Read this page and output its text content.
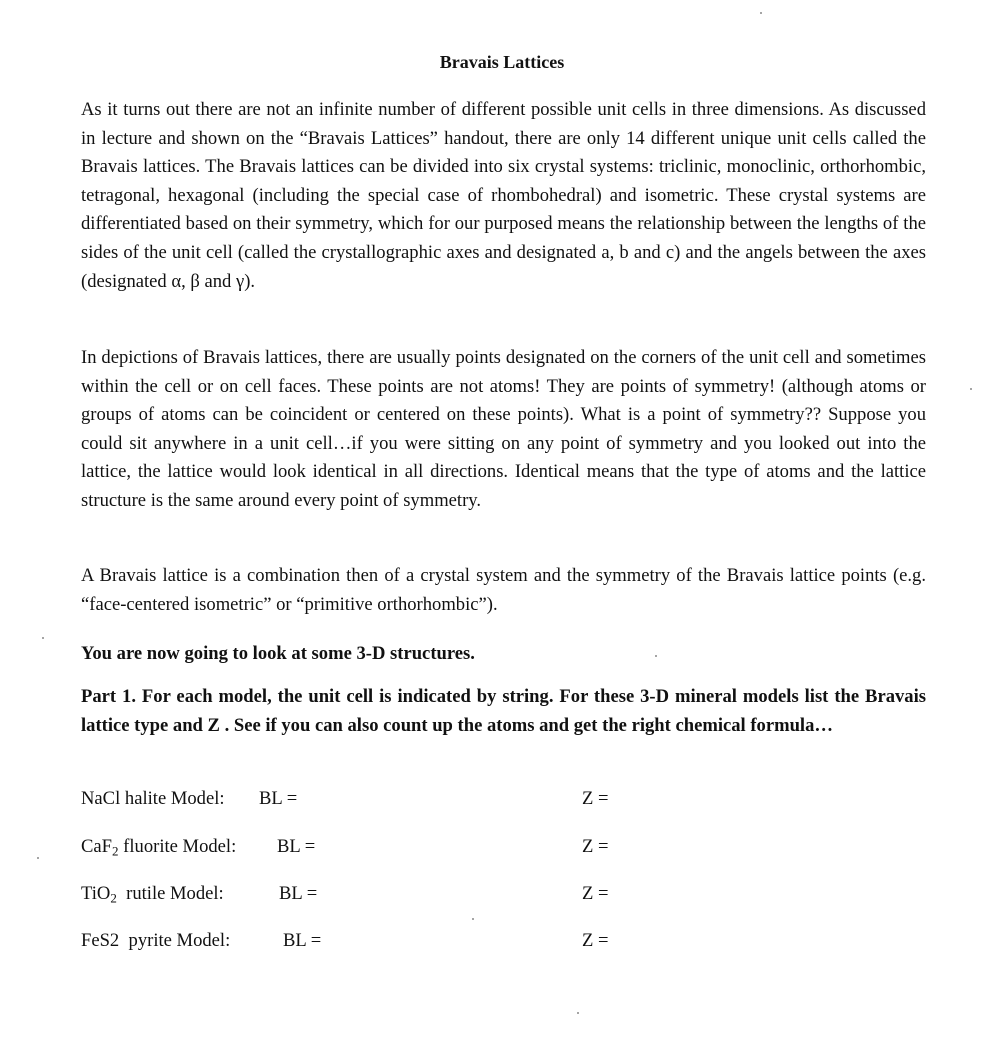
Bravais Lattices

As it turns out there are not an infinite number of different possible unit cells in three dimensions. As discussed in lecture and shown on the “Bravais Lattices” handout, there are only 14 different unique unit cells called the Bravais lattices. The Bravais lattices can be divided into six crystal systems: triclinic, monoclinic, orthorhombic, tetragonal, hexagonal (including the special case of rhombohedral) and isometric. These crystal systems are differentiated based on their symmetry, which for our purposed means the relationship between the lengths of the sides of the unit cell (called the crystallographic axes and designated a, b and c) and the angels between the axes (designated α, β and γ).

In depictions of Bravais lattices, there are usually points designated on the corners of the unit cell and sometimes within the cell or on cell faces. These points are not atoms! They are points of symmetry! (although atoms or groups of atoms can be coincident or centered on these points). What is a point of symmetry?? Suppose you could sit anywhere in a unit cell…if you were sitting on any point of symmetry and you looked out into the lattice, the lattice would look identical in all directions. Identical means that the type of atoms and the lattice structure is the same around every point of symmetry.

A Bravais lattice is a combination then of a crystal system and the symmetry of the Bravais lattice points (e.g. “face-centered isometric” or “primitive orthorhombic”).

You are now going to look at some 3-D structures.

Part 1. For each model, the unit cell is indicated by string. For these 3-D mineral models list the Bravais lattice type and Z . See if you can also count up the atoms and get the right chemical formula…

NaCl halite Model: BL =	Z =
CaF$_2$ fluorite Model: BL =	Z =
TiO$_2$ rutile Model:	BL =	Z =
FeS2 pyrite Model:	BL =	Z =
